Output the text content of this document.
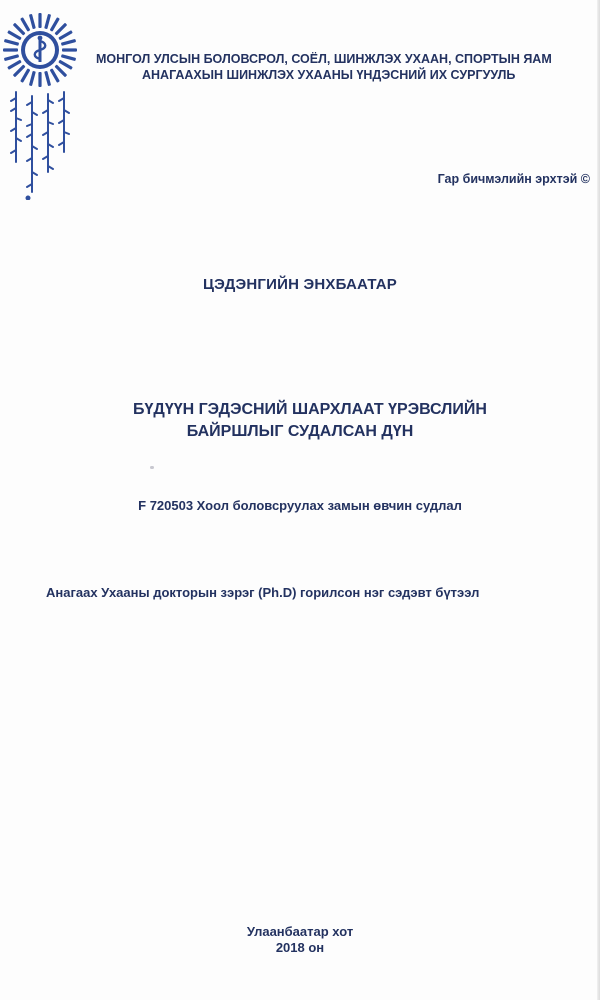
МОНГОЛ УЛСЫН БОЛОВСРОЛ, СОЁЛ, ШИНЖЛЭХ УХААН, СПОРТЫН ЯАМ
АНАГААХЫН ШИНЖЛЭХ УХААНЫ ҮНДЭСНИЙ ИХ СУРГУУЛЬ
Гар бичмэлийн эрхтэй ©
ЦЭДЭНГИЙН ЭНХБААТАР
БҮДҮҮН ГЭДЭСНИЙ ШАРХЛААТ ҮРЭВСЛИЙН
БАЙРШЛЫГ СУДАЛСАН ДҮН
F 720503 Хоол боловсруулах замын өвчин судлал
Анагаах Ухааны докторын зэрэг (Ph.D) горилсон нэг сэдэвт бүтээл
Улаанбаатар хот
2018 он
